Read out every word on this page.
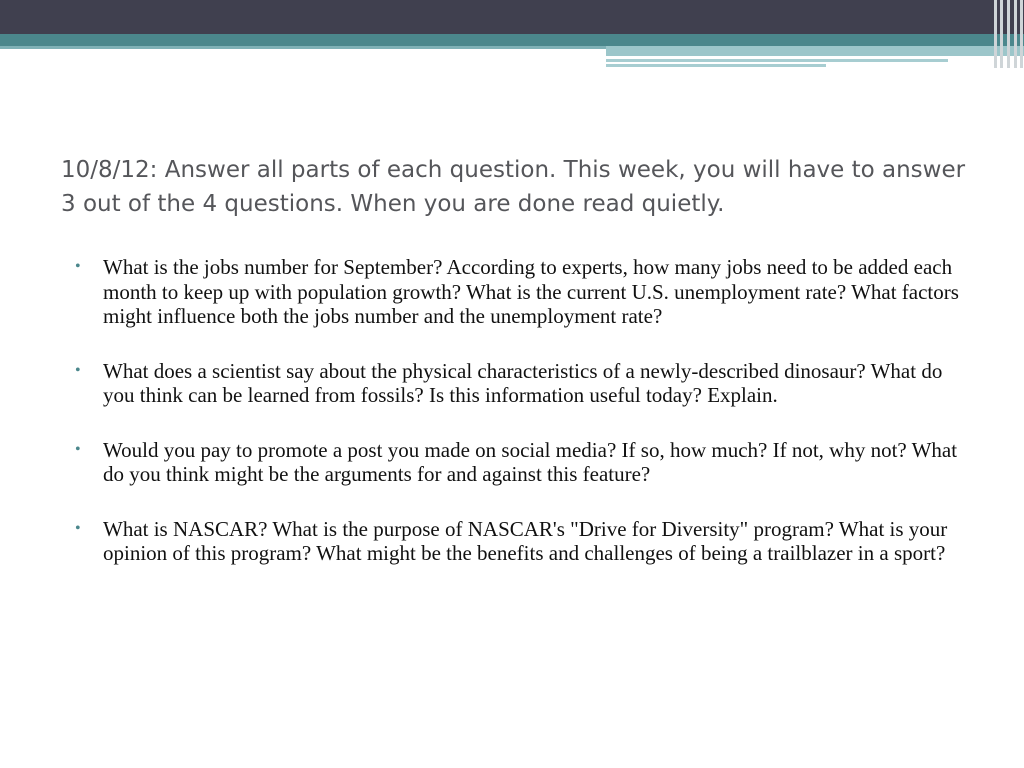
10/8/12: Answer all parts of each question. This week, you will have to answer 3 out of the 4 questions. When you are done read quietly.
• What is the jobs number for September? According to experts, how many jobs need to be added each month to keep up with population growth? What is the current U.S. unemployment rate? What factors might influence both the jobs number and the unemployment rate?
• What does a scientist say about the physical characteristics of a newly-described dinosaur? What do you think can be learned from fossils? Is this information useful today? Explain.
• Would you pay to promote a post you made on social media? If so, how much? If not, why not? What do you think might be the arguments for and against this feature?
• What is NASCAR? What is the purpose of NASCAR's "Drive for Diversity" program? What is your opinion of this program? What might be the benefits and challenges of being a trailblazer in a sport?
